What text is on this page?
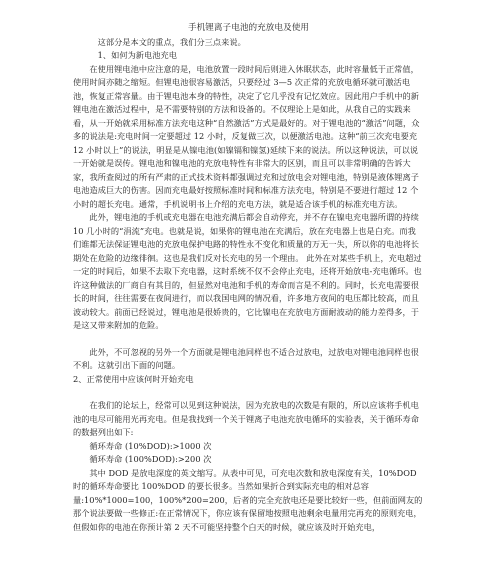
手机锂离子电池的充放电及使用

这部分是本文的重点，我们分三点来说。

1、如何为新电池充电

在使用锂电池中应注意的是，电池放置一段时间后则进入休眠状态，此时容量低于正常值，使用时间亦随之缩短。但锂电池很容易激活，只要经过 3—5 次正常的充放电循环就可激活电池，恢复正常容量。由于锂电池本身的特性，决定了它几乎没有记忆效应。因此用户手机中的新锂电池在激活过程中，是不需要特别的方法和设备的。不仅理论上是如此，从我自己的实践来看，从一开始就采用标准方法充电这种“自然激活”方式是最好的。对于锂电池的“激活”问题，众多的说法是:充电时间一定要超过 12 小时，反复做三次，以便激活电池。这种“前三次充电要充 12 小时以上”的说法，明显是从镍电池(如镍镉和镍氢)延续下来的说法。所以这种说法，可以说一开始就是误传。锂电池和镍电池的充放电特性有非常大的区别，而且可以非常明确的告诉大家，我所查阅过的所有严肃的正式技术资料都强调过充和过放电会对锂电池，特别是液体锂离子电池造成巨大的伤害。因而充电最好按照标准时间和标准方法充电，特别是不要进行超过 12 个小时的超长充电。通常，手机说明书上介绍的充电方法，就是适合该手机的标准充电方法。

此外，锂电池的手机或充电器在电池充满后都会自动停充，并不存在镍电充电器所谓的持续 10 几小时的“涓流”充电。也就是说，如果你的锂电池在充满后，放在充电器上也是白充。而我们谁都无法保证锂电池的充放电保护电路的特性永不变化和质量的万无一失，所以你的电池将长期处在危险的边缘徘徊。这也是我们反对长充电的另一个理由。 此外在对某些手机上，充电超过一定的时间后，如果不去取下充电器，这时系统不仅不会停止充电，还将开始放电-充电循环。也许这种做法的厂商自有其目的，但显然对电池和手机的寿命而言是不利的。同时，长充电需要很长的时间，往往需要在夜间进行，而以我国电网的情况看，许多地方夜间的电压都比较高，而且波动较大。前面已经说过，锂电池是很娇贵的，它比镍电在充放电方面耐波动的能力差得多，于是这又带来附加的危险。

此外，不可忽视的另外一个方面就是锂电池同样也不适合过放电，过放电对锂电池同样也很不利。这就引出下面的问题。

2、正常使用中应该何时开始充电

在我们的论坛上，经常可以见到这种说法，因为充放电的次数是有限的，所以应该将手机电池的电尽可能用光再充电。但是我找到一个关于锂离子电池充放电循环的实验表，关于循环寿命的数据列出如下:

循环寿命 (10%DOD):>1000 次

循环寿命 (100%DOD):>200 次

其中 DOD 是放电深度的英文缩写。从表中可见，可充电次数和放电深度有关，10%DOD 时的循环寿命要比 100%DOD 的要长很多。当然如果折合到实际充电的相对总容量:10%*1000=100，100%*200=200，后者的完全充放电还是要比较好一些，但前面网友的那个说法要做一些修正:在正常情况下，你应该有保留地按照电池剩余电量用完再充的原则充电，但假如你的电池在你预计第 2 天不可能坚持整个白天的时候，就应该及时开始充电，
